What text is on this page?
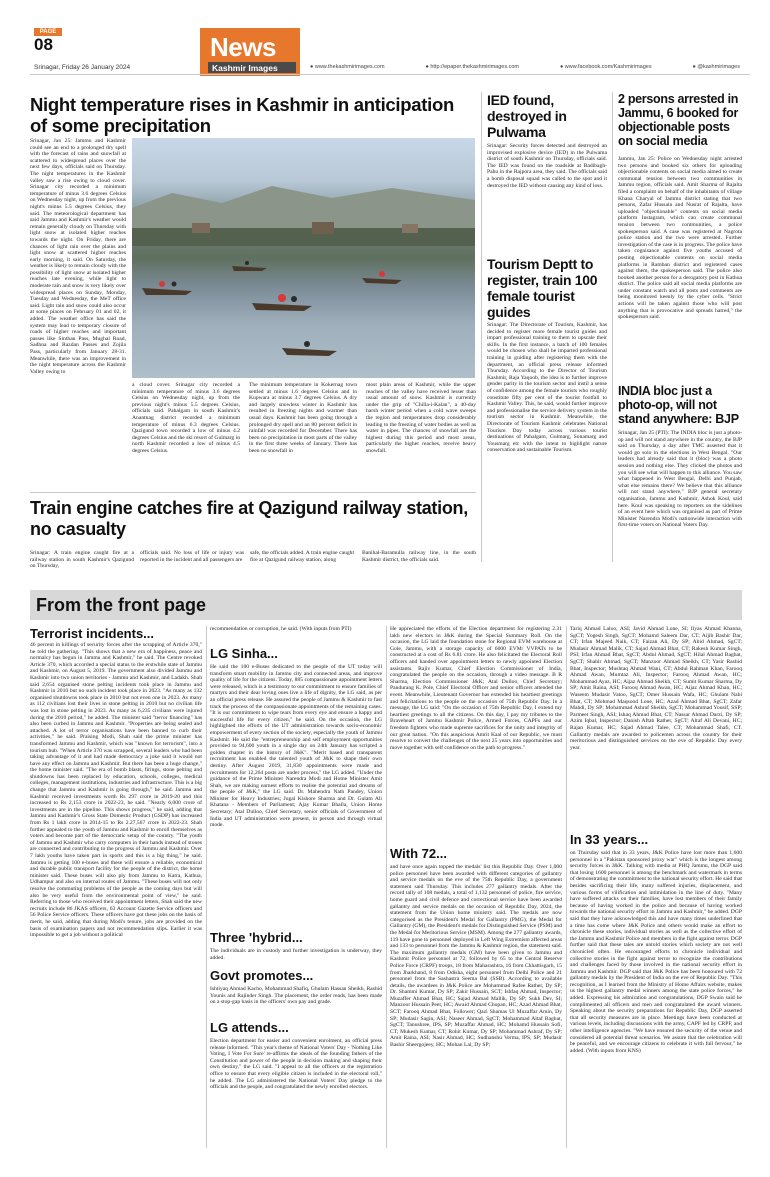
PAGE
08
Srinagar, Friday 26 January 2024
News
Kashmir Images	● www.thekashmirimages.com	● http://epaper.thekashmirimages.com	● www.facebook.com/Kashmirimages	● @kashmirimages
Night temperature rises in Kashmir in anticipation of some precipitation
Srinagar, Jan 25: Jammu and Kashmir could see an end to a prolonged dry spell with the forecast of rains and snowfall at scattered to widespread places over the next few days, officials said on Thursday. The night temperatures in the Kashmir valley saw a rise owing to cloud cover. Srinagar city recorded a minimum temperature of minus 3.6 degrees Celsius on Wednesday night, up from the previous night's minus 5.5 degrees Celsius, they said. The meteorological department has said Jammu and Kashmir's weather would remain generally cloudy on Thursday with light snow at isolated higher reaches towards the night. On Friday, there are chances of light rain over the plains and light snow at scattered higher reaches early morning, it said. On Saturday, the weather is likely to remain cloudy with the possibility of light snow at isolated higher reaches late evening, while light to moderate rain and snow is very likely over widespread places on Sunday, Monday, Tuesday and Wednesday, the MeT office said. Light rain and snow could also occur at some places on February 01 and 02, it added. The weather office has said the system may lead to temporary closure of roads of higher reaches and important passes like Sinthan Pass, Mughal Road, Sadhna and Razdan Passes and Zojila Pass, particularly from January 28-31. Meanwhile, there was an improvement in the night temperature across the Kashmir Valley owing to
a cloud cover. Srinagar city recorded a minimum temperature of minus 3.6 degrees Celsius on Wednesday night, up from the previous night's minus 5.5 degrees Celsius, officials said. Pahalgam in south Kashmir's Anantnag district recorded a minimum temperature of minus 6.3 degrees Celsius. Qazigund town recorded a low of minus 4.2 degrees Celsius and the ski resort of Gulmarg in north Kashmir recorded a low of minus 4.5 degrees Celsius.
The minimum temperature in Kokernag town settled at minus 1.6 degrees Celsius and in Kupwara at minus 3.7 degrees Celsius. A dry and largely snowless winter in Kashmir has resulted in freezing nights and warmer than usual days. Kashmir has been going through a prolonged dry spell and an 80 percent deficit in rainfall was recorded for December. There has been no precipitation in most parts of the valley in the first three weeks of January. There has been no snowfall in
most plain areas of Kashmir, while the upper reaches of the valley have received lesser than usual amount of snow. Kashmir is currently under the grip of "Chilla-i-Kalan", a 40-day harsh winter period when a cold wave sweeps the region and temperatures drop considerably leading to the freezing of water bodies as well as water in pipes. The chances of snowfall are the highest during this period and most areas, particularly the higher reaches, receive heavy snowfall.
IED found, destroyed in Pulwama
Srinagar: Security forces detected and destroyed an improvised explosive device (IED) in the Pulwama district of south Kashmir on Thursday, officials said. The IED was found on the roadside at Badibagh-Pahu in the Rajpora area, they said. The officials said a bomb disposal squad was called to the spot and it destroyed the IED without causing any kind of loss.
Tourism Deptt to register, train 100 female tourist guides
Srinagar: The Directorate of Tourism, Kashmir, has decided to register more female tourist guides and impart professional training to them to upscale their skills. In the first instance, a batch of 100 females would be chosen who shall be imparted professional training in guiding after registering them with the department, an official press release informed Thursday. According to the Director of Tourism Kashmir, Raja Yaqoob, the idea is to further improve gender parity in the tourism sector and instil a sense of confidence among the female tourists who roughly constitute fifty per cent of the tourist footfall to Kashmir Valley. This, he said, would further improve and professionalise the service delivery system in the tourism sector in Kashmir. Meanwhile, the Directorate of Tourism Kashmir celebrates National Tourism Day today across various tourist destinations of Pahalgam, Gulmarg, Sonamarg and Yousmarg etc with the intent to highlight nature conservation and sustainable Tourism.
2 persons arrested in Jammu, 6 booked for objectionable posts on social media
Jammu, Jan 25: Police on Wednesday night arrested two persons and booked six others for uploading objectionable contents on social media aimed to create communal tension between two communities in Jammu region, officials said. Amit Sharma of Rajalta filed a complaint on behalf of the inhabitants of village Khana Charyal of Jammu district stating that two persons, Zafar Hussain and Nusrat of Rajalta, have uploaded "objectionable" contents on social media platform Instagram, which can create communal tension between two communities, a police spokesperson said. A case was registered at Nagrota police station and the two were arrested. Further investigation of the case is in progress. The police have taken cognisance against five youths accused of posting objectionable contents on social media platforms in Ramban district and registered cases against them, the spokesperson said. The police also booked another person for a derogatory post in Kathua district. The police said all social media platforms are under constant watch and all posts and comments are being monitored keenly by the cyber cells. "Strict actions will be taken against those who will post anything that is provocative and spreads hatred," the spokesperson said.
INDIA bloc just a photo-op, will not stand anywhere: BJP
Srinagar, Jan 25 (PTI): The INDIA bloc is just a photo-op and will not stand anywhere in the country, the BJP said on Thursday, a day after TMC asserted that it would go solo in the elections in West Bengal. "Our leaders had already said that it (bloc) was a photo session and nothing else. They clicked the photos and you will see what will happen to this alliance. You saw what happened in West Bengal, Delhi and Punjab, what else remains there? We believe that this alliance will not stand anywhere," BJP general secretary organisation, Jammu and Kashmir, Ashok Koul, said here. Koul was speaking to reporters on the sidelines of an event here which was organised as part of Prime Minister Narendra Modi's nationwide interaction with first-time voters on National Voters Day.
Train engine catches fire at Qazigund railway station, no casualty
Srinagar: A train engine caught fire at a railway station in south Kashmir's Qazigund on Thursday,
officials said. No loss of life or injury was reported in the incident and all passengers are
safe, the officials added. A train engine caught fire at Qazigund railway station, along
Banihal-Baramulla railway line, in the south Kashmir district, the officials said.
From the front page
Terrorist incidents...
46 percent in killings of security forces after the scrapping of Article 370," he told the gathering. "This shows that a new era of happiness, peace and normalcy has begun in Jammu and Kashmir," he said. The Centre revoked Article 370, which accorded a special status to the erstwhile state of Jammu and Kashmir, on August 5, 2019. The government also divided Jammu and Kashmir into two union territories - Jammu and Kashmir, and Ladakh. Shah said 2,654 organised stone pelting incidents took place in Jammu and Kashmir in 2010 but no such incident took place in 2023. "As many as 132 organised shutdowns took place in 2010 but not even one in 2023. As many as 112 civilians lost their lives in stone pelting in 2010 but no civilian life was lost in stone pelting in 2023. As many as 6,235 civilians were injured during the 2010 period," he added. The minister said "terror financing" has also been curbed in Jammu and Kashmir. "Properties are being sealed and attached. A lot of terror organisations have been banned to curb their activities," he said. Praising Modi, Shah said the prime minister has transformed Jammu and Kashmir, which was "known for terrorism", into a tourism hub. "When Article 370 was scrapped, several leaders who had been taking advantage of it and had made democracy a joke said it would not have any effect on Jammu and Kashmir. But there has been a huge change," the home minister said. "The era of bomb blasts, firings, stone pelting and shutdowns has been replaced by education, schools, colleges, medical colleges, management institutions, industries and infrastructure. This is a big change that Jammu and Kashmir is going through," he said. Jammu and Kashmir received investments worth Rs 297 crore in 2019-20 and this increased to Rs 2,153 crore in 2022-23, he said. "Nearly 6,000 crore of investments are in the pipeline. This shows progress," he said, adding that Jammu and Kashmir's Gross State Domestic Product (GSDP) has increased from Rs 1 lakh crore in 2014-15 to Rs 2.27,567 crore in 2022-23. Shah further appealed to the youth of Jammu and Kashmir to enroll themselves as voters and become part of the democratic setup of the country. "The youth of Jammu and Kashmir who carry computers in their hands instead of stones are connected and contributing to the progress of Jammu and Kashmir. Over 7 lakh youths have taken part in sports and this is a big thing," he said. Jammu is getting 100 e-buses and these will ensure a reliable, economical and durable public transport facility for the people of the district, the home minister said. These buses will also ply from Jammu to Katra, Kathua, Udhampur and also on internal routes of Jammu. "These buses will not only resolve the commuting problems of the people as the coming days but will also be very useful from the environmental point of view," he said. Referring to those who received their appointment letters, Shah said the new recruits include 86 JKAS officers, 63 Account Gazette Service officers and 56 Police Service officers. These officers have got these jobs on the basis of merit, he said, adding that during Modi's tenure, jobs are provided on the basis of examination papers and not recommendation slips. Earlier it was impossible to get a job without a political
recommendation or corruption, he said. (With inputs from PTI)
LG Sinha...
He said the 100 e-Buses dedicated to the people of the UT today will transform smart mobility in Jammu city and connected areas, and improve quality of life for the citizens. Today, 885 compassionate appointment letters were released, which is a testimony to our commitment to ensure families of martyrs and their dear loving ones live a life of dignity, the LG said, as per an official press release. He assured the people of Jammu & Kashmir to fast track the process of the compassionate appointments of the remaining cases. "It is our commitment to wipe tears from every eye and ensure a happy and successful life for every citizen," he said. On the occasion, the LG highlighted the efforts of the UT administration towards socio-economic empowerment of every section of the society, especially the youth of Jammu Kashmir. He said the "entrepreneurship and self employment opportunities provided to 94,600 youth in a single day on 24th January has scripted a golden chapter in the history of J&K". "Merit based and transparent recruitment has enabled the talented youth of J&K to shape their own destiny. After August 2019, 31,830 appointments were made and recruitments for 12,264 posts are under process," the LG added. "Under the guidance of the Prime Minister Narendra Modi and Home Minister Amit Shah, we are making earnest efforts to realise the potential and dreams of the people of J&K," the LG said. Dr. Mahendra Nath Pandey, Union Minister for Heavy Industries; Jugal Kishore Sharma and Dr. Gulam Ali Khatana - Members of Parliament; Ajay Kumar Bhalla, Union Home Secretary; Atal Dulloo, Chief Secretary, senior officials of Government of India and UT administration were present, in person and through virtual mode.
Three 'hybrid...
The individuals are in custody and further investigation is underway, they added.
Govt promotes...
Ishtiyaq Ahmad Kacho, Mohammad Shafiq, Ghulam Hassan Sheikh, Rashid Younis and Rajinder Singh. The placement, the order reads, has been made on a stop-gap basis in the officers' own pay and grade.
LG attends...
Election department for easier and convenient enrolment, an official press release informed. "This year's theme of National Voters' Day - 'Nothing Like Voting, I Vote For Sure' re-affirms the ideals of the founding fathers of the Constitution and power of the people in decision making and shaping their own destiny," the LG said. "I appeal to all the officers at the registration office to ensure that every eligible citizen is included in the electoral roll," he added. The LG administered the National Voters' Day pledge to the officials and the people, and congratulated the newly enrolled electors.
He appreciated the efforts of the Election department for registering 2.31 lakh new electors in J&K during the Special Summary Roll. On the occasion, the LG laid the foundation stone for Regional EVM warehouse at Gole, Jammu, with a storage capacity of 6000 EVM/ VVPATs to be constructed at a cost of Rs 6.81 crore. He also felicitated the Electoral Roll officers and handed over appointment letters to newly appointed Election assistants. Rajiv Kumar, Chief Election Commissioner of India, congratulated the people on the occasion, through a video message. B R Sharma, Election Commissioner J&K; Atal Dulloo, Chief Secretary; Pandurang K. Pole, Chief Electoral Officer and senior officers attended the event. Meanwhile, Lieutenant Governor has extended his heartiest greetings and felicitations to the people on the occasion of 75th Republic Day. In a message, the LG said: "On the occasion of 75th Republic Day, I extend my heartiest greetings to all the citizens. On this day, I pay my tributes to the Braveheart of Jammu Kashmir Police, Armed Forces, CAPFs and our freedom fighters who made supreme sacrifices for the unity and integrity of our great nation. "On this auspicious Amrit Kaal of our Republic, we must resolve to convert the challenges of the next 25 years into opportunities and move together with self confidence on the path to progress."
With 72...
and have once again topped the medals' list this Republic Day. Over 1,000 police personnel have been awarded with different categories of gallantry and service medals on the eve of the 75th Republic Day, a government statement said Thursday. This includes 277 gallantry medals. After the record tally of 108 medals, a total of 1,132 personnel of police, fire service, home guard and civil defence and correctional service have been awarded gallantry and service medals on the occasion of Republic Day, 2024, the statement from the Union home ministry said. The medals are now categorised as the President's Medal for Gallantry (PMG), the Medal for Gallantry (GM), the President's medals for Distinguished Service (PSM) and the Medal for Meritorious Service (MSM). Among the 277 gallantry awards, 119 have gone to personnel deployed in Left Wing Extremism affected areas and 133 to personnel from the Jammu & Kashmir region, the statement said. The maximum gallantry medals (GM) have been given to Jammu and Kashmir Police personnel at 72, followed by 65 to the Central Reserve Police Force (CRPF) troops, 18 from Maharashtra, 16 from Chhattisgarh, 15 from Jharkhand, 8 from Odisha, eight personnel from Delhi Police and 21 personnel from the Sashastra Seema Bal (SSB). According to available details, the awardees in J&K Police are Mohammad Rafee Rather, Dy SP; Dr. Shammi Kumar, Dy SP; Zakir Hussain, SCT; Ishfaq Ahmad, Inspector; Muzaffer Ahmad Bhat, HC; Sajad Ahmad Mallik, Dy SP; Sukh Dev, SI; Manzoor Hussain Peer, HC; Awaid Ahmad Chopan, HC; Azad Ahmad Bhat, SCT; Farooq Ahmad Bhat, Follower; Qazi Shamas Ul Muzaffar Amin, Dy SP; Mudasir Sagin, ASI; Naseer Ahmad, SgCT; Mohammad Altaf Baghat, SgCT; Tanushree, IPS, SP; Muzaffar Ahmad, HC; Mohamd Hussain Sofi, CT; Mukesh Kumar, CT; Rohit Kumar, Dy SP; Mohammad Ashraf, Dy SP; Amit Raina, ASI; Nasir Ahmad, HC; Sudhanshu Verma, IPS, SP; Mudasir Bashir Sheergojeey, HC; Mohan Lal, Dy SP;
Tariq Ahmad Laloo, ASI; Javid Ahmad Lone, SI; Ilyas Ahmad Khanna, SgCT; Yogesh Singh, SgCT; Mohamd Saleem Dar, CT; Aijib Bashir Dar, CT; Irfan Majeed Naik, CT; Faizan Ali, Dy SP; Abid Ahmad, SgCT; Mudasir Ahmad Malik, CT; Sajad Ahmad Bhat, CT; Rakesh Kumar Singh, PSI; Irfan Ahmad Bhat, SgCT; Abdul Ahmad, SgCT; Hilal Ahmad Baghat, SgCT; Shabir Ahmad, SgCT; Manzoor Ahmad Sheikh, CT; Yasir Rashid Bhat, Inspector; Mushtaq Ahmad Wani, CT; Abdul Rahman Khan, Farooq Ahmad Awan, Mumtaz Ali, Inspector; Farooq Ahmad Awan, HC; Mohammad Ayaz, HC; Aijaz Ahmad Sheikh, CT; Sumit Kumar Sharma, Dy SP; Amit Raina, ASI; Farooq Ahmad Awan, HC; Aijaz Ahmad Khan, HC; Waseem Mudasir Vatoo, SgCT; Omer Hussain Wafa, HC; Ghulam Nabi Bhat, CT; Mohmad Maqsood Lone, HC; Azad Ahmad Bhat, SgCT; Zafar Mahdi, Dy SP; Mohammad Ashraf Sheikh, SgCT; Mohammad Yousif, SSP; Parmeet Singh, ASI; Ishaq Ahmad Bhat, CT; Nassar Ahmad Darzi, Dy SP; Azim Iqbal, Inspector; Danish Aftab Rather, SgCT; Altaf Ali Devani, HC; Rajan Kumar, HC; Sajad Ahmad Talee, CT; Mohammad Shafi, CT. Gallantry medals are awarded to policemen across the country for their meritorious and distinguished services on the eve of Republic Day every year.
In 33 years...
on Thursday said that in 33 years, J&K Police have lost more than 1,600 personnel in a "Pakistan sponsored proxy war" which is the longest among security forces in J&K. Talking with media at PHQ Jammu, the DGP said that losing 1600 personnel is among the benchmark and watermark in terms of demonstrating the commitment to the national security effort. He said that besides sacrificing their life, many suffered injuries, displacement, and various forms of vilification and intimidation in the line of duty. "Many have suffered attacks on their families, have lost members of their family because of having worked in the police and because of having worked towards the national security effort in Jammu and Kashmir," he added. DGP said that they have acknowledged this and have many times underlined that a time has come where J&K Police and others would make an effort to chronicle these stories, individual stories as well as the collective effort of the Jammu and Kashmir Police and members in the fight against terror. DGP further said that these tales are untold stories which society are not well chronicled often. He encouraged efforts to chronicle individual and collective stories in the fight against terror to recognize the contributions and challenges faced by those involved in the national security effort in Jammu and Kashmir. DGP said that J&K Police has been honoured with 72 gallantry medals by the President of India on the eve of Republic Day. "This recognition, as I learned from the Ministry of Home Affairs website, makes us the highest gallantry medal winners among the state police forces," he added. Expressing his admiration and congratulations, DGP Swain said he complimented all officers and men and congratulated the award winners. Speaking about the security preparations for Republic Day, DGP asserted that all security measures are in place. Meetings have been conducted at various levels, including discussions with the army, CAPF led by CRPF, and other intelligence agencies. "We have ensured the security of the venue and considered all potential threat scenarios. We assure that the celebration will be peaceful, and we encourage citizens to celebrate it with full fervour," he added. (With inputs from KNS)
